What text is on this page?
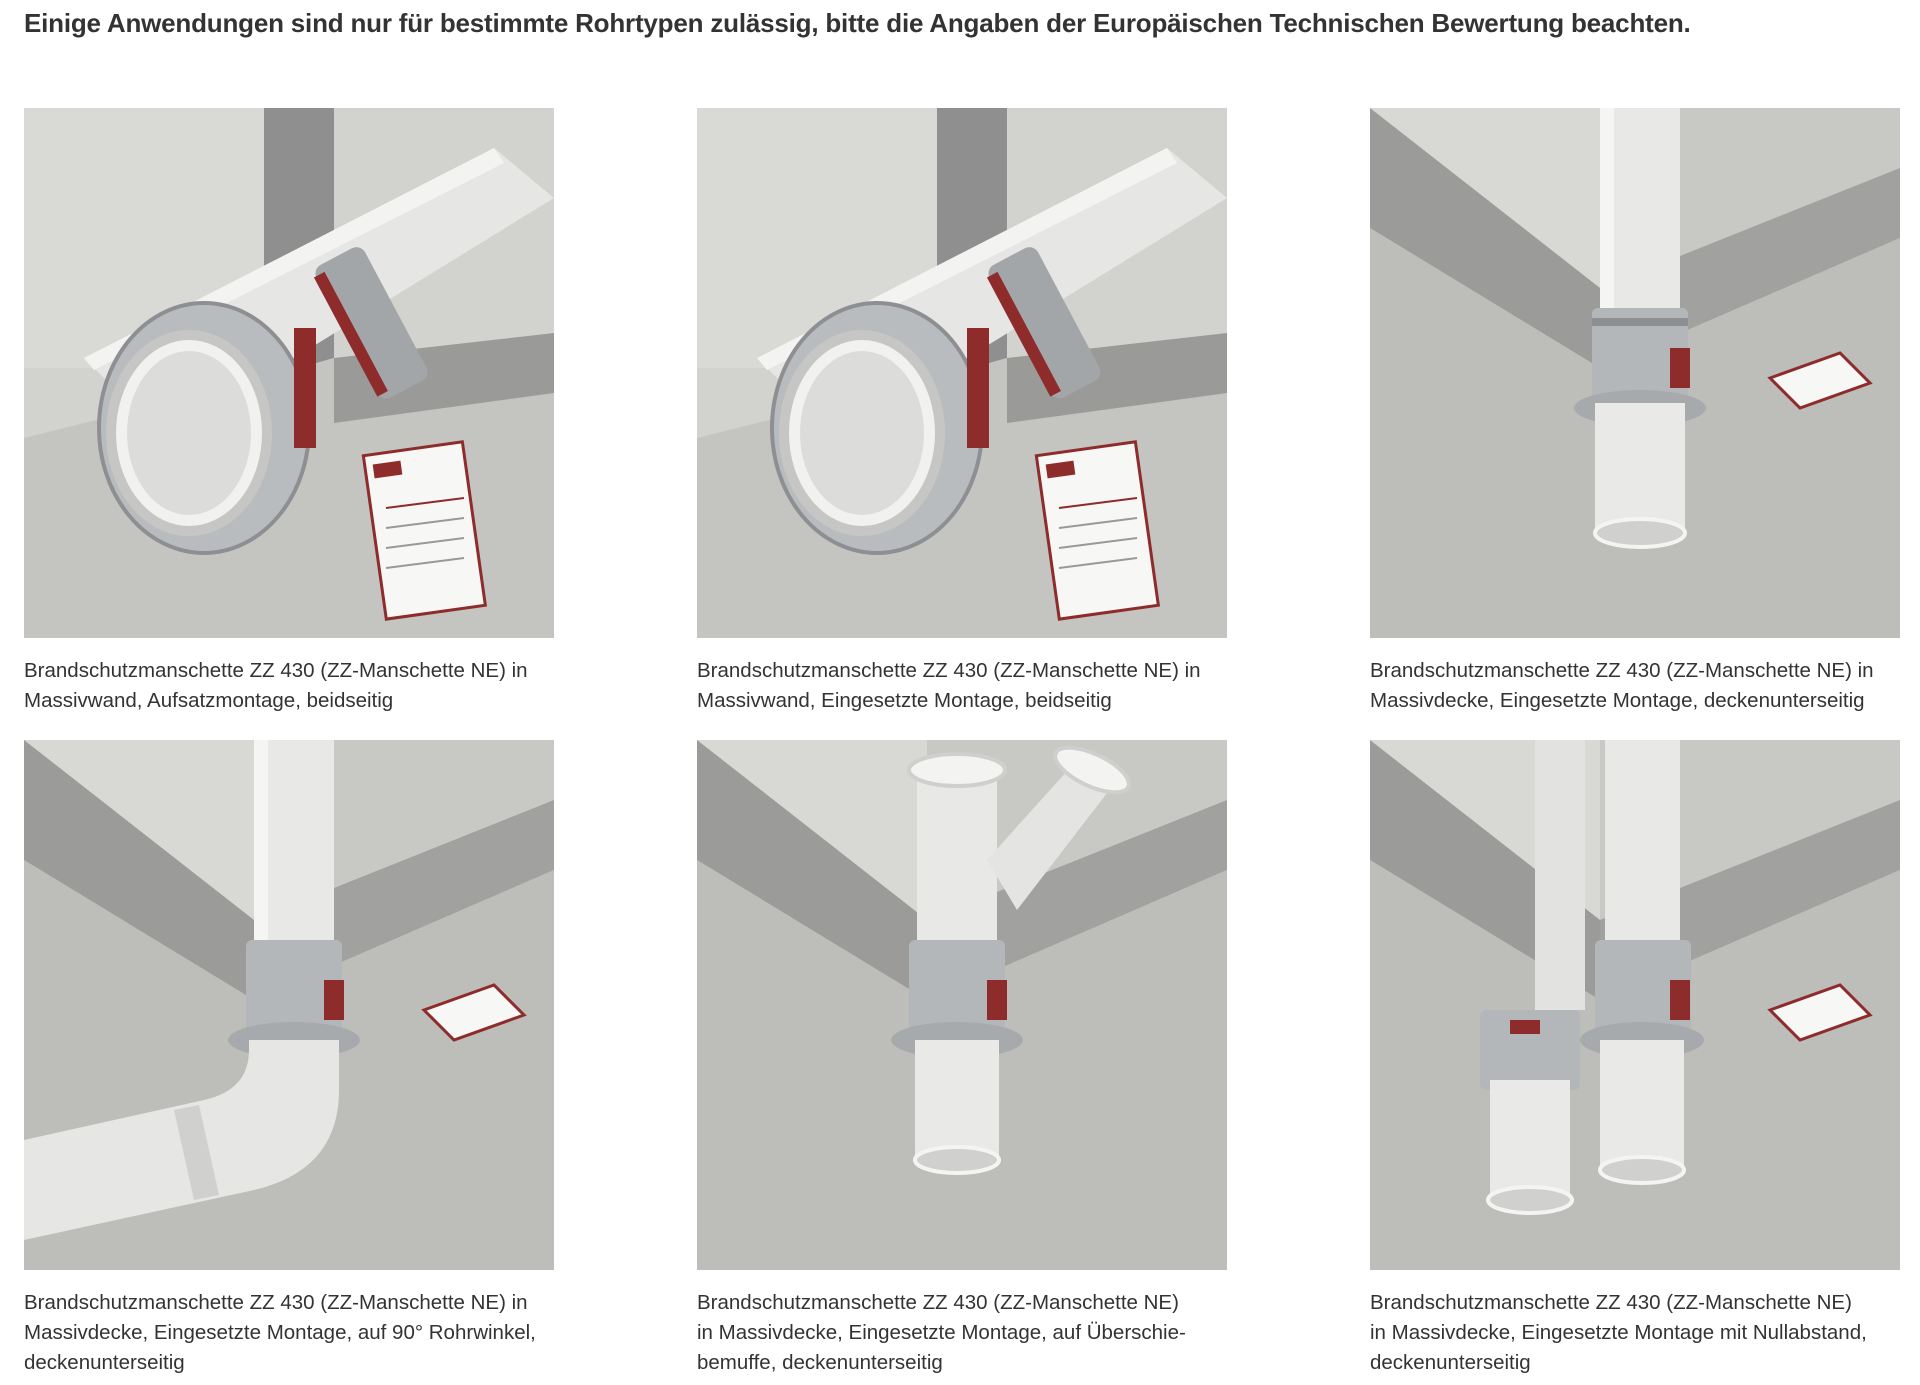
Einige Anwendungen sind nur für bestimmte Rohrtypen zulässig, bitte die Angaben der Europäischen Technischen Bewertung beachten.
Brandschutzmanschette ZZ 430 (ZZ-Manschette NE) in
Massivwand, Aufsatzmontage, beidseitig
Brandschutzmanschette ZZ 430 (ZZ-Manschette NE) in
Massivwand, Eingesetzte Montage, beidseitig
Brandschutzmanschette ZZ 430 (ZZ-Manschette NE) in
Massivdecke, Eingesetzte Montage, deckenunterseitig
Brandschutzmanschette ZZ 430 (ZZ-Manschette NE) in
Massivdecke, Eingesetzte Montage, auf 90° Rohrwinkel,
deckenunterseitig
Brandschutzmanschette ZZ 430 (ZZ-Manschette NE)
in Massivdecke, Eingesetzte Montage, auf Überschie-
bemuffe, deckenunterseitig
Brandschutzmanschette ZZ 430 (ZZ-Manschette NE)
in Massivdecke, Eingesetzte Montage mit Nullabstand,
deckenunterseitig
